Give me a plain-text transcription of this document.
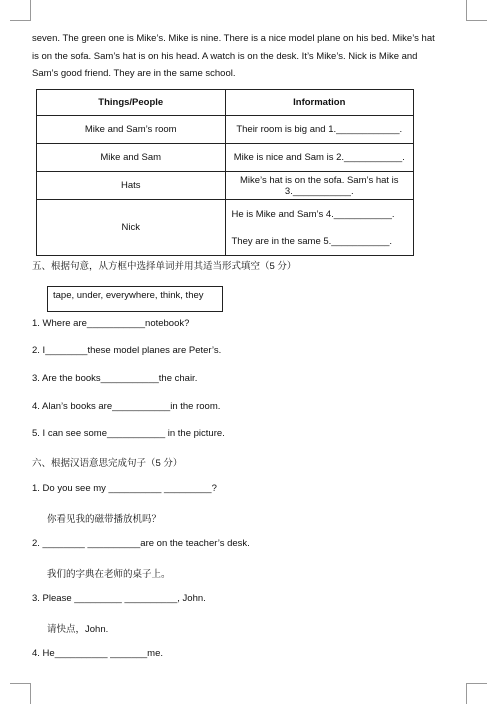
seven. The green one is Mike’s. Mike is nine. There is a nice model plane on his bed. Mike’s hat
is on the sofa. Sam’s hat is on his head. A watch is on the desk. It’s Mike’s. Nick is Mike and
Sam’s good friend. They are in the same school.
Things/People	Information
Mike and Sam’s room	Their room is big and 1.____________.
Mike and Sam	Mike is nice and Sam is 2.___________.
Hats	Mike’s hat is on the sofa. Sam’s hat is 3.___________.
Nick	He is Mike and Sam’s 4.___________. They are in the same 5.___________.
五、根据句意，从方框中选择单词并用其适当形式填空（5 分）
tape, under, everywhere, think, they
1. Where are___________notebook?
2. I________these model planes are Peter’s.
3. Are the books___________the chair.
4. Alan’s books are___________in the room.
5. I can see some___________ in the picture.
六、根据汉语意思完成句子（5 分）
1. Do you see my __________ _________?
你看见我的磁带播放机吗？
2. ________ __________are on the teacher’s desk.
我们的字典在老师的桌子上。
3. Please _________ __________, John.
请快点，John.
4. He__________ _______me.
